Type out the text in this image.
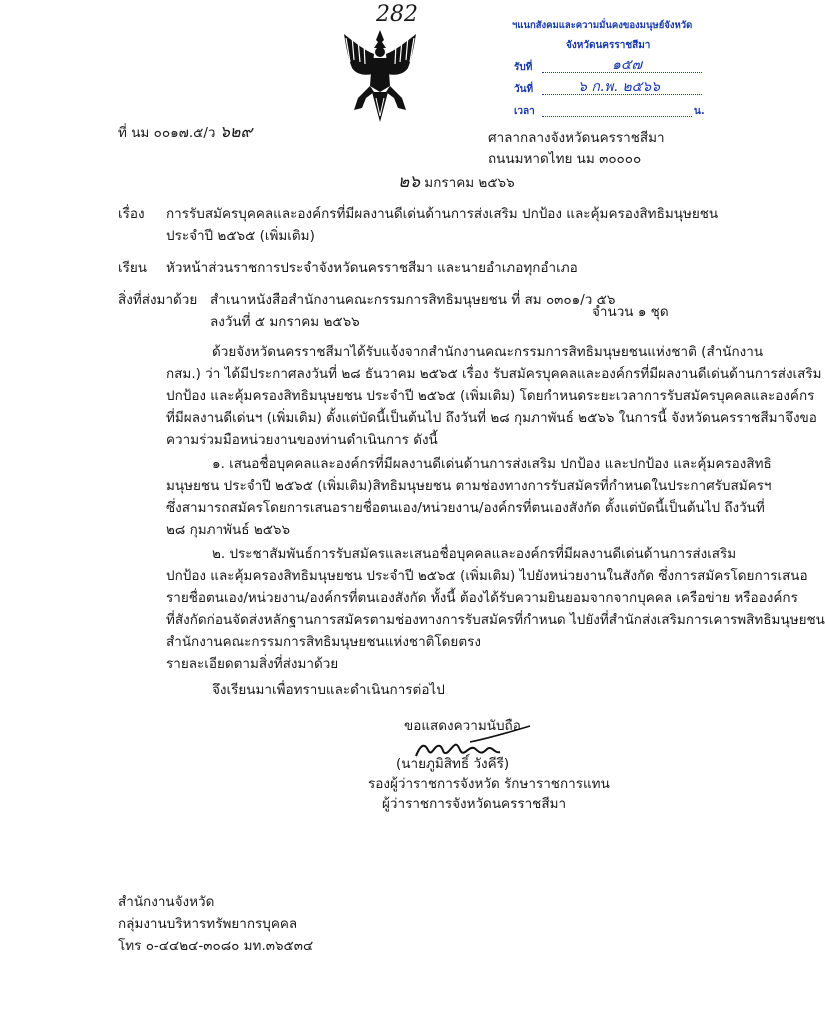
282	ฯแนกสังคมและความมั่นคงของมนุษย์จังหวัด
จังหวัดนครราชสีมา
รับที่	๑๕๗
วันที่	๖ ก.พ. ๒๕๖๖
เวลา	น.
ที่ นม ๐๐๑๗.๕/ว ๖๒๙	ศาลากลางจังหวัดนครราชสีมา
ถนนมหาดไทย นม ๓๐๐๐๐
๒๖ มกราคม ๒๕๖๖
เรื่อง การรับสมัครบุคคลและองค์กรที่มีผลงานดีเด่นด้านการส่งเสริม ปกป้อง และคุ้มครองสิทธิมนุษยชน
ประจำปี ๒๕๖๕ (เพิ่มเติม)
เรียน หัวหน้าส่วนราชการประจำจังหวัดนครราชสีมา และนายอำเภอทุกอำเภอ
สิ่งที่ส่งมาด้วย สำเนาหนังสือสำนักงานคณะกรรมการสิทธิมนุษยชน ที่ สม ๐๓๐๑/ว ๕๖
ลงวันที่ ๕ มกราคม ๒๕๖๖
จำนวน ๑ ชุด
ด้วยจังหวัดนครราชสีมาได้รับแจ้งจากสำนักงานคณะกรรมการสิทธิมนุษยชนแห่งชาติ (สำนักงาน
กสม.) ว่า ได้มีประกาศลงวันที่ ๒๘ ธันวาคม ๒๕๖๕ เรื่อง รับสมัครบุคคลและองค์กรที่มีผลงานดีเด่นด้านการส่งเสริม
ปกป้อง และคุ้มครองสิทธิมนุษยชน ประจำปี ๒๕๖๕ (เพิ่มเติม) โดยกำหนดระยะเวลาการรับสมัครบุคคลและองค์กร
ที่มีผลงานดีเด่นฯ (เพิ่มเติม) ตั้งแต่บัดนี้เป็นต้นไป ถึงวันที่ ๒๘ กุมภาพันธ์ ๒๕๖๖ ในการนี้ จังหวัดนครราชสีมาจึงขอ
ความร่วมมือหน่วยงานของท่านดำเนินการ ดังนี้
๑. เสนอชื่อบุคคลและองค์กรที่มีผลงานดีเด่นด้านการส่งเสริม ปกป้อง และปกป้อง และคุ้มครองสิทธิ
มนุษยชน ประจำปี ๒๕๖๕ (เพิ่มเติม)สิทธิมนุษยชน ตามช่องทางการรับสมัครที่กำหนดในประกาศรับสมัครฯ
ซึ่งสามารถสมัครโดยการเสนอรายชื่อตนเอง/หน่วยงาน/องค์กรที่ตนเองสังกัด ตั้งแต่บัดนี้เป็นต้นไป ถึงวันที่
๒๘ กุมภาพันธ์ ๒๕๖๖
๒. ประชาสัมพันธ์การรับสมัครและเสนอชื่อบุคคลและองค์กรที่มีผลงานดีเด่นด้านการส่งเสริม
ปกป้อง และคุ้มครองสิทธิมนุษยชน ประจำปี ๒๕๖๕ (เพิ่มเติม) ไปยังหน่วยงานในสังกัด ซึ่งการสมัครโดยการเสนอ
รายชื่อตนเอง/หน่วยงาน/องค์กรที่ตนเองสังกัด ทั้งนี้ ต้องได้รับความยินยอมจากจากบุคคล เครือข่าย หรือองค์กร
ที่สังกัดก่อนจัดส่งหลักฐานการสมัครตามช่องทางการรับสมัครที่กำหนด ไปยังที่สำนักส่งเสริมการเคารพสิทธิมนุษยชน
สำนักงานคณะกรรมการสิทธิมนุษยชนแห่งชาติโดยตรง
รายละเอียดตามสิ่งที่ส่งมาด้วย
จึงเรียนมาเพื่อทราบและดำเนินการต่อไป
ขอแสดงความนับถือ
(นายภูมิสิทธิ์ วังคีรี)
รองผู้ว่าราชการจังหวัด รักษาราชการแทน
ผู้ว่าราชการจังหวัดนครราชสีมา
สำนักงานจังหวัด
กลุ่มงานบริหารทรัพยากรบุคคล
โทร ๐-๔๔๒๔-๓๐๘๐ มท.๓๖๕๓๔
